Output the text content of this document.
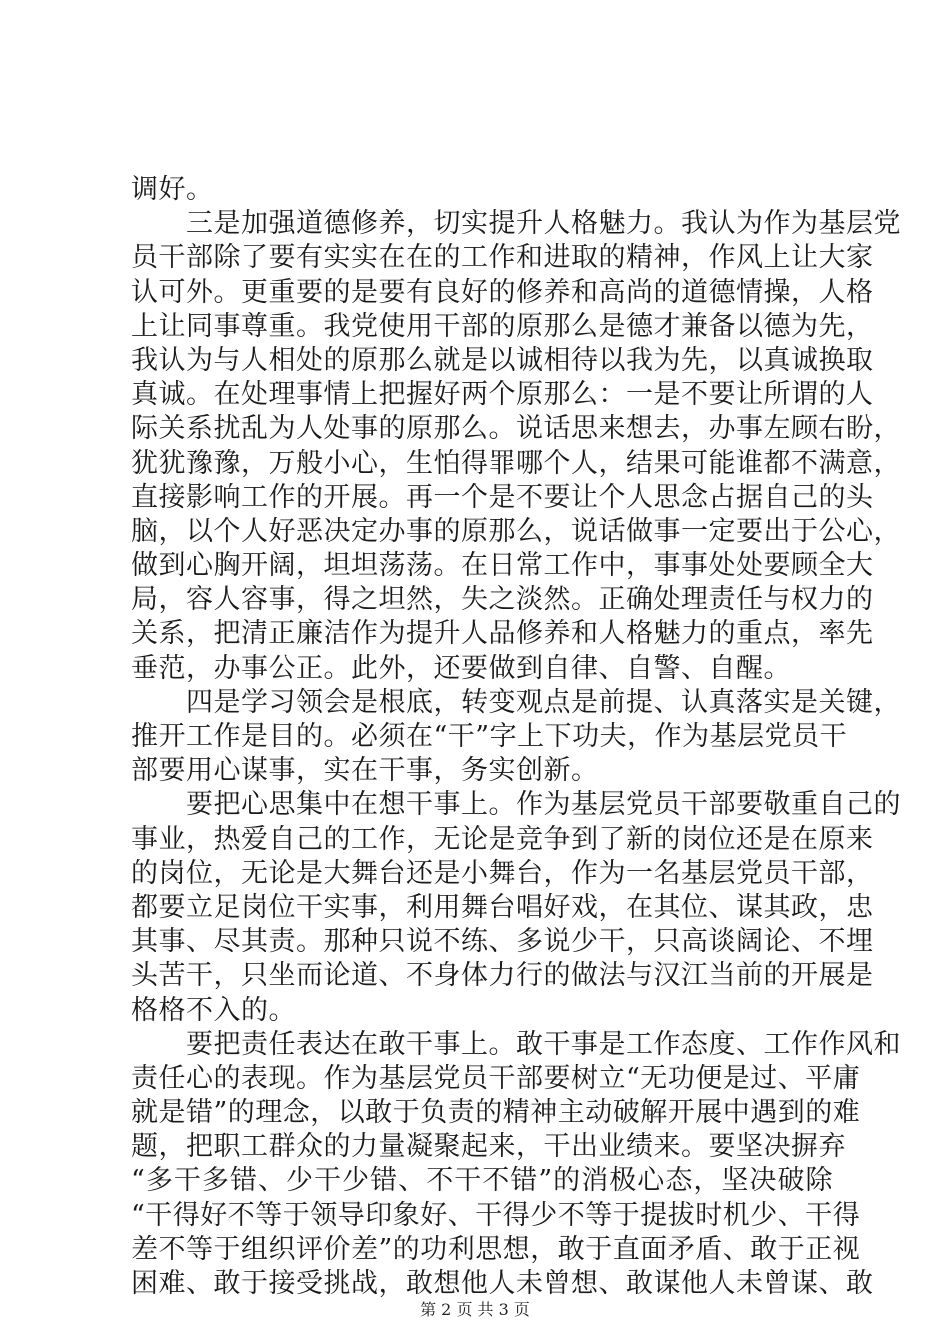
调好。
　　三是加强道德修养，切实提升人格魅力。我认为作为基层党
员干部除了要有实实在在的工作和进取的精神，作风上让大家
认可外。更重要的是要有良好的修养和高尚的道德情操，人格
上让同事尊重。我党使用干部的原那么是德才兼备以德为先，
我认为与人相处的原那么就是以诚相待以我为先，以真诚换取
真诚。在处理事情上把握好两个原那么：一是不要让所谓的人
际关系扰乱为人处事的原那么。说话思来想去，办事左顾右盼，
犹犹豫豫，万般小心，生怕得罪哪个人，结果可能谁都不满意，
直接影响工作的开展。再一个是不要让个人思念占据自己的头
脑，以个人好恶决定办事的原那么，说话做事一定要出于公心，
做到心胸开阔，坦坦荡荡。在日常工作中，事事处处要顾全大
局，容人容事，得之坦然，失之淡然。正确处理责任与权力的
关系，把清正廉洁作为提升人品修养和人格魅力的重点，率先
垂范，办事公正。此外，还要做到自律、自警、自醒。
　　四是学习领会是根底，转变观点是前提、认真落实是关键，
推开工作是目的。必须在“干”字上下功夫，作为基层党员干
部要用心谋事，实在干事，务实创新。
　　要把心思集中在想干事上。作为基层党员干部要敬重自己的
事业，热爱自己的工作，无论是竞争到了新的岗位还是在原来
的岗位，无论是大舞台还是小舞台，作为一名基层党员干部，
都要立足岗位干实事，利用舞台唱好戏，在其位、谋其政，忠
其事、尽其责。那种只说不练、多说少干，只高谈阔论、不埋
头苦干，只坐而论道、不身体力行的做法与汉江当前的开展是
格格不入的。
　　要把责任表达在敢干事上。敢干事是工作态度、工作作风和
责任心的表现。作为基层党员干部要树立“无功便是过、平庸
就是错”的理念，以敢于负责的精神主动破解开展中遇到的难
题，把职工群众的力量凝聚起来，干出业绩来。要坚决摒弃
“多干多错、少干少错、不干不错”的消极心态，坚决破除
“干得好不等于领导印象好、干得少不等于提拔时机少、干得
差不等于组织评价差”的功利思想，敢于直面矛盾、敢于正视
困难、敢于接受挑战，敢想他人未曾想、敢谋他人未曾谋、敢
第 2 页 共 3 页
